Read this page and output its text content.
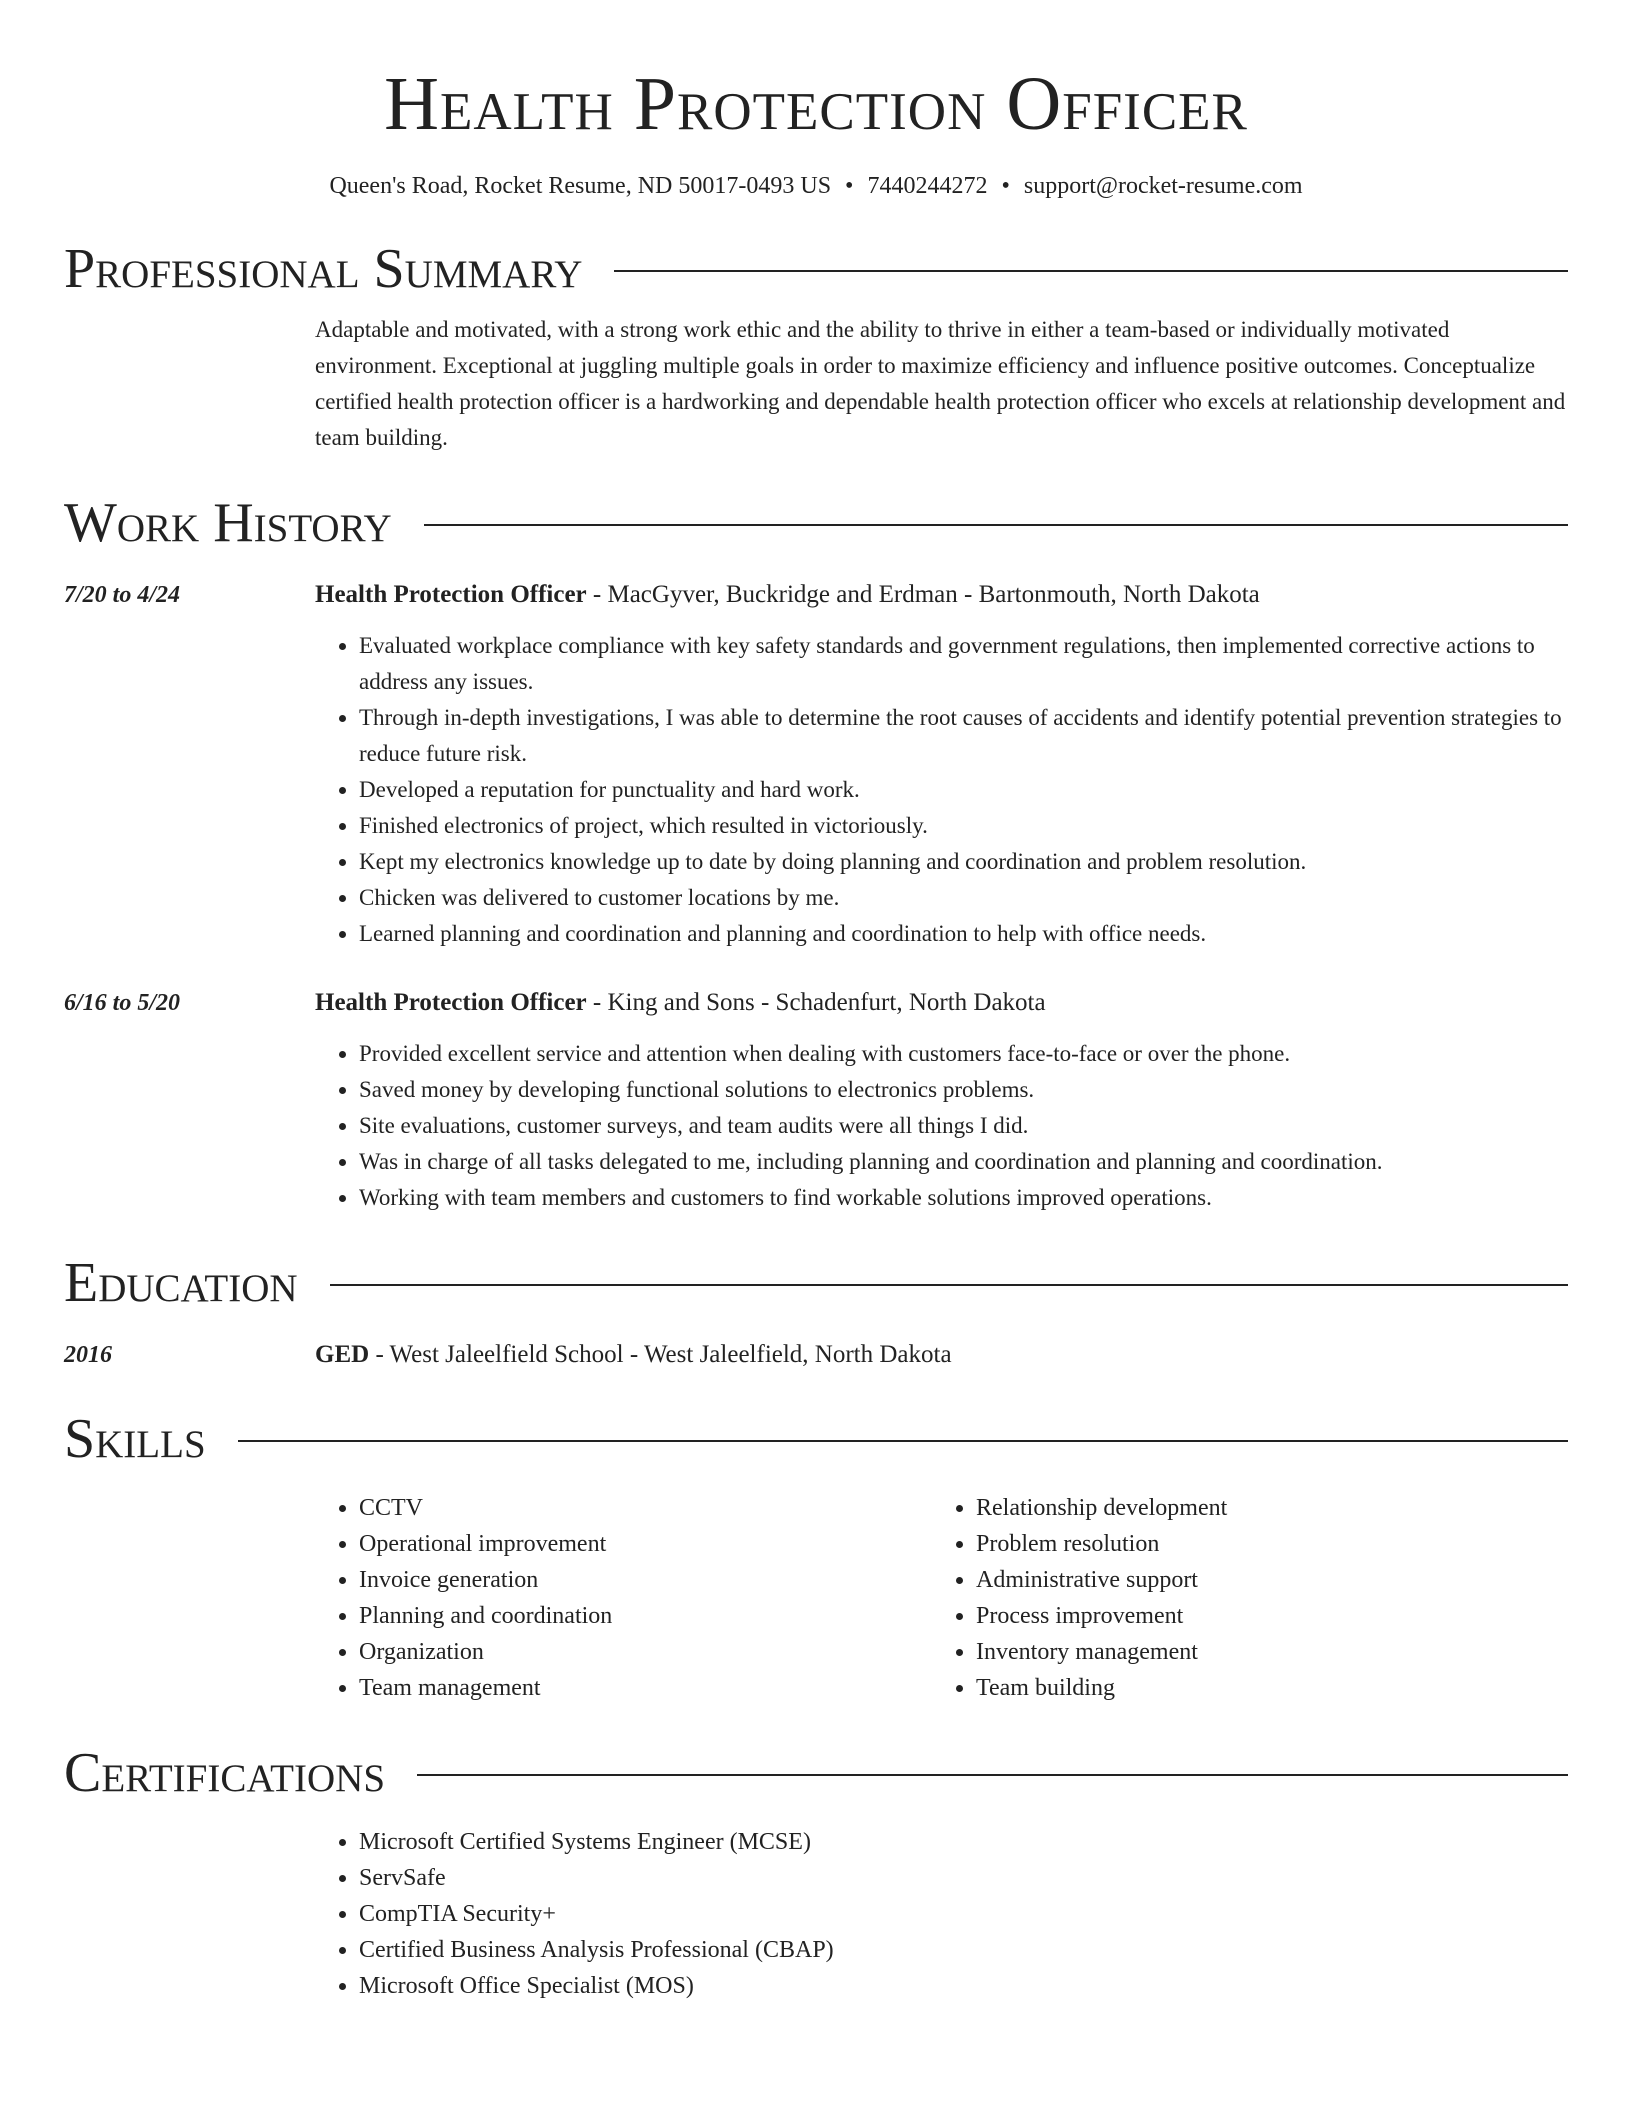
Health Protection Officer
Queen's Road, Rocket Resume, ND 50017-0493 US • 7440244272 • support@rocket-resume.com
Professional Summary
Adaptable and motivated, with a strong work ethic and the ability to thrive in either a team-based or individually motivated environment. Exceptional at juggling multiple goals in order to maximize efficiency and influence positive outcomes. Conceptualize certified health protection officer is a hardworking and dependable health protection officer who excels at relationship development and team building.
Work History
7/20 to 4/24	Health Protection Officer - MacGyver, Buckridge and Erdman - Bartonmouth, North Dakota
• Evaluated workplace compliance with key safety standards and government regulations, then implemented corrective actions to address any issues.
• Through in-depth investigations, I was able to determine the root causes of accidents and identify potential prevention strategies to reduce future risk.
• Developed a reputation for punctuality and hard work.
• Finished electronics of project, which resulted in victoriously.
• Kept my electronics knowledge up to date by doing planning and coordination and problem resolution.
• Chicken was delivered to customer locations by me.
• Learned planning and coordination and planning and coordination to help with office needs.
6/16 to 5/20	Health Protection Officer - King and Sons - Schadenfurt, North Dakota
• Provided excellent service and attention when dealing with customers face-to-face or over the phone.
• Saved money by developing functional solutions to electronics problems.
• Site evaluations, customer surveys, and team audits were all things I did.
• Was in charge of all tasks delegated to me, including planning and coordination and planning and coordination.
• Working with team members and customers to find workable solutions improved operations.
Education
2016	GED - West Jaleelfield School - West Jaleelfield, North Dakota
Skills
• CCTV
• Operational improvement
• Invoice generation
• Planning and coordination
• Organization
• Team management
• Relationship development
• Problem resolution
• Administrative support
• Process improvement
• Inventory management
• Team building
Certifications
• Microsoft Certified Systems Engineer (MCSE)
• ServSafe
• CompTIA Security+
• Certified Business Analysis Professional (CBAP)
• Microsoft Office Specialist (MOS)
